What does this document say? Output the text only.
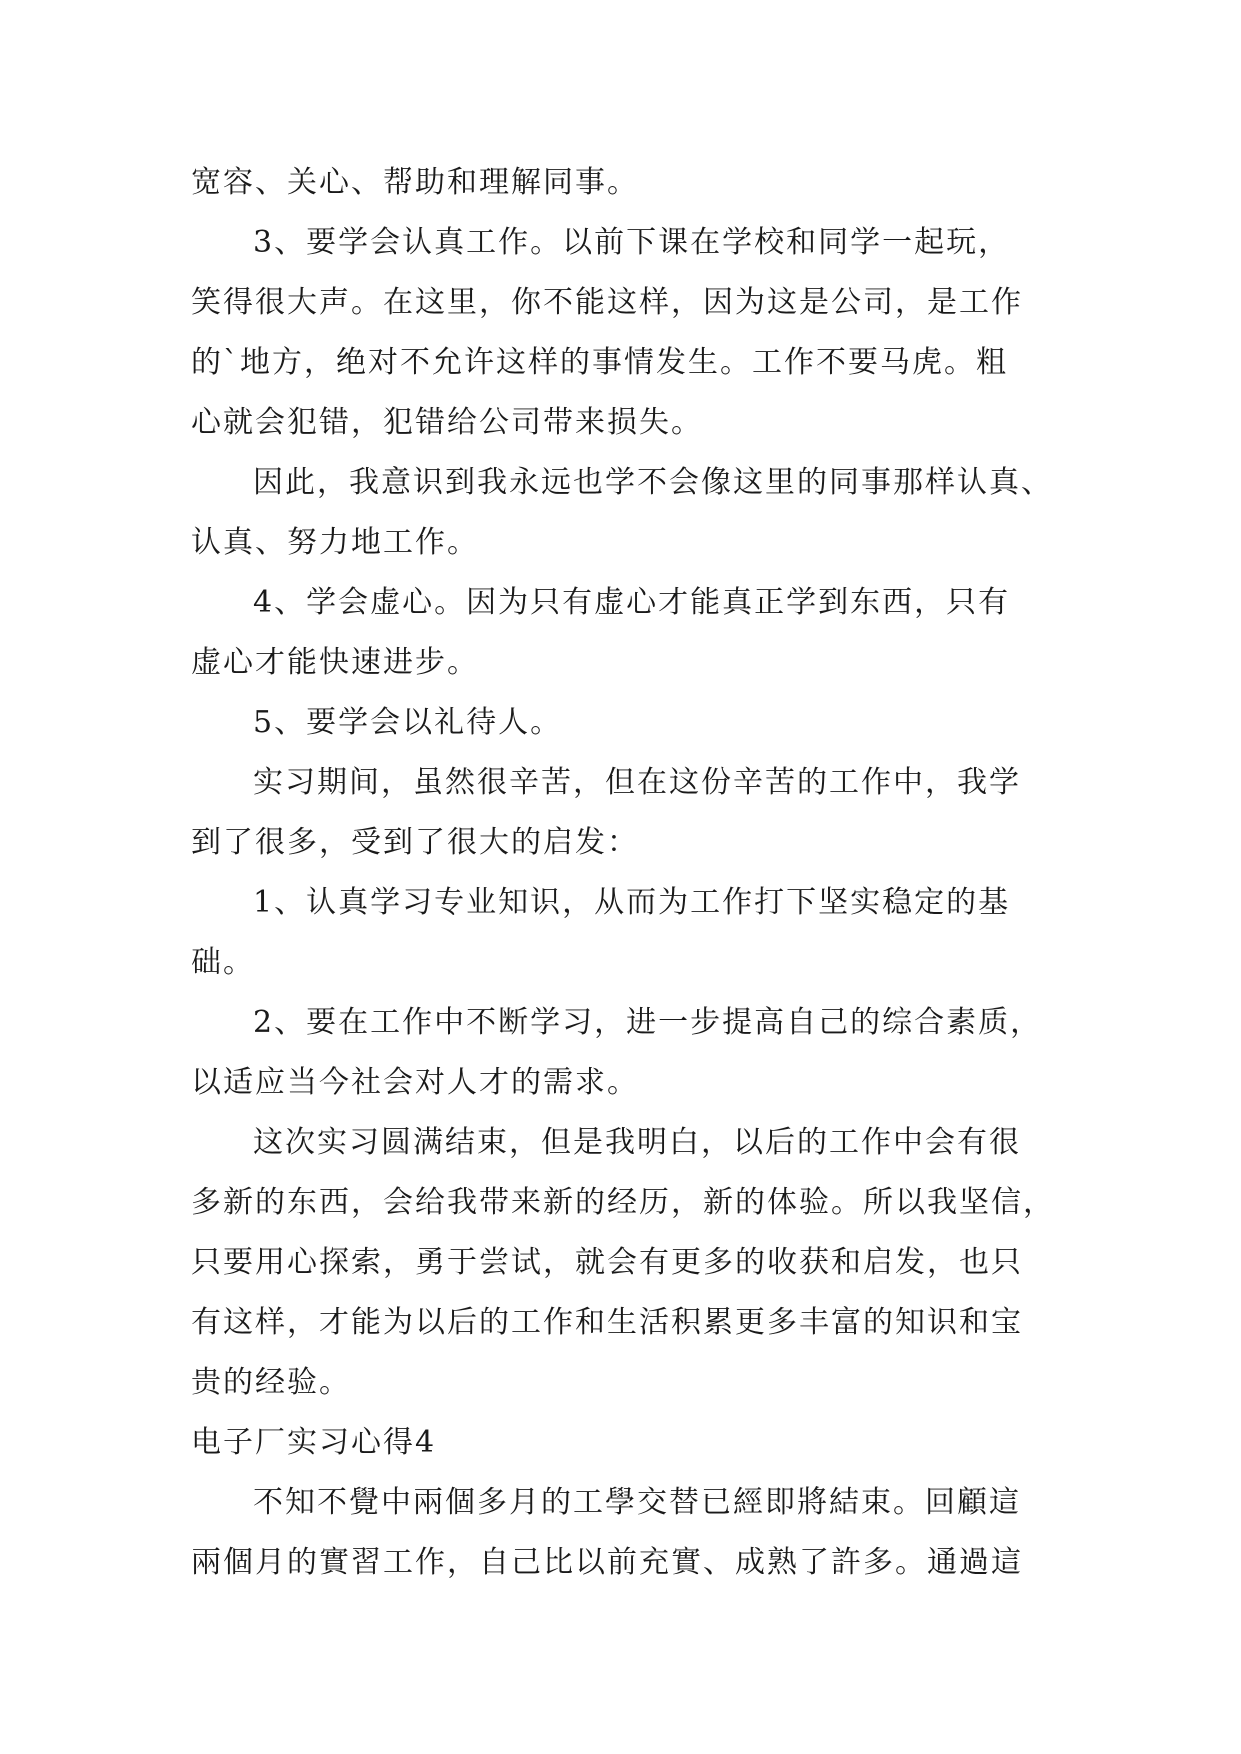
宽容、关心、帮助和理解同事。
3、要学会认真工作。以前下课在学校和同学一起玩，
笑得很大声。在这里，你不能这样，因为这是公司，是工作
的`地方，绝对不允许这样的事情发生。工作不要马虎。粗
心就会犯错，犯错给公司带来损失。
因此，我意识到我永远也学不会像这里的同事那样认真、
认真、努力地工作。
4、学会虚心。因为只有虚心才能真正学到东西，只有
虚心才能快速进步。
5、要学会以礼待人。
实习期间，虽然很辛苦，但在这份辛苦的工作中，我学
到了很多，受到了很大的启发：
1、认真学习专业知识，从而为工作打下坚实稳定的基
础。
2、要在工作中不断学习，进一步提高自己的综合素质，
以适应当今社会对人才的需求。
这次实习圆满结束，但是我明白，以后的工作中会有很
多新的东西，会给我带来新的经历，新的体验。所以我坚信，
只要用心探索，勇于尝试，就会有更多的收获和启发，也只
有这样，才能为以后的工作和生活积累更多丰富的知识和宝
贵的经验。
电子厂实习心得4
不知不覺中兩個多月的工學交替已經即將結束。回顧這
兩個月的實習工作，自己比以前充實、成熟了許多。通過這
